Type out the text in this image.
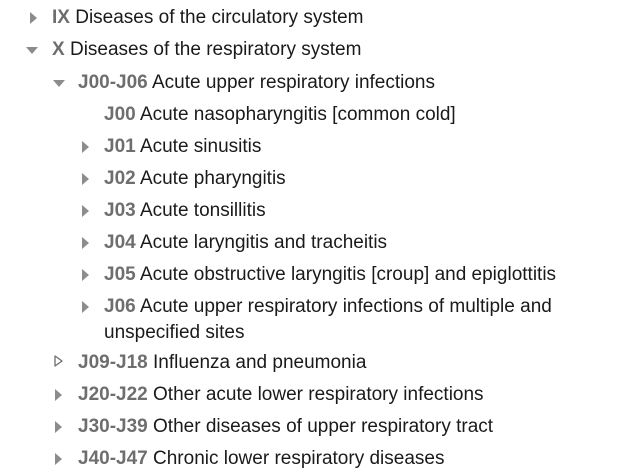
IX Diseases of the circulatory system
X Diseases of the respiratory system
J00-J06 Acute upper respiratory infections
J00 Acute nasopharyngitis [common cold]
J01 Acute sinusitis
J02 Acute pharyngitis
J03 Acute tonsillitis
J04 Acute laryngitis and tracheitis
J05 Acute obstructive laryngitis [croup] and epiglottitis
J06 Acute upper respiratory infections of multiple and unspecified sites
J09-J18 Influenza and pneumonia
J20-J22 Other acute lower respiratory infections
J30-J39 Other diseases of upper respiratory tract
J40-J47 Chronic lower respiratory diseases
